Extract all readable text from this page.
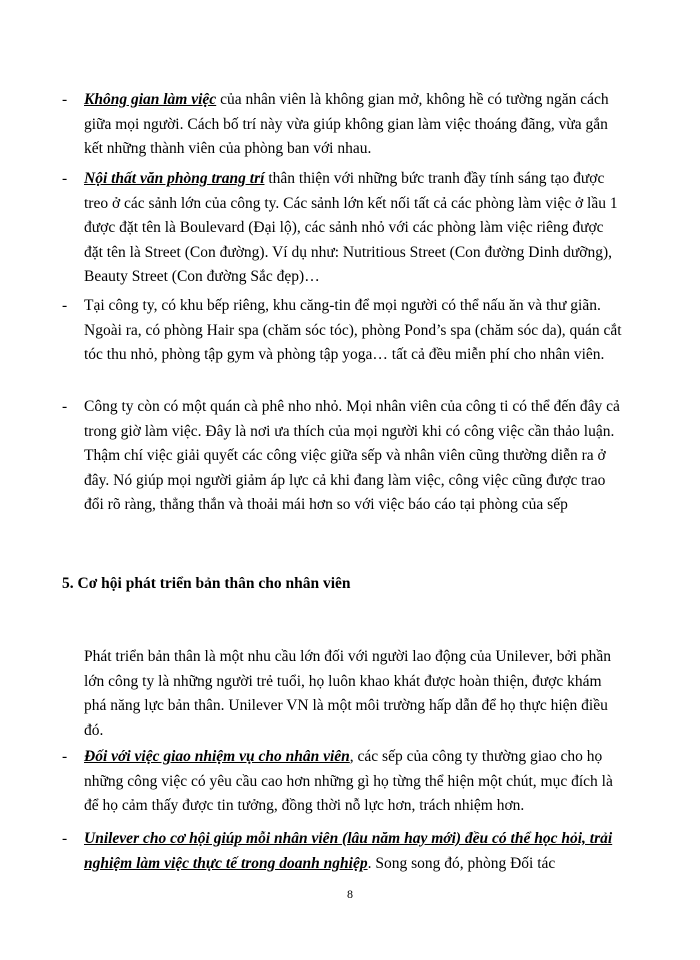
-	Không gian làm việc của nhân viên là không gian mở, không hề có tường ngăn cách giữa mọi người. Cách bố trí này vừa giúp không gian làm việc thoáng đãng, vừa gắn kết những thành viên của phòng ban với nhau.
-	Nội thất văn phòng trang trí thân thiện với những bức tranh đầy tính sáng tạo được treo ở các sảnh lớn của công ty. Các sảnh lớn kết nối tất cả các phòng làm việc ở lầu 1 được đặt tên là Boulevard (Đại lộ), các sảnh nhỏ với các phòng làm việc riêng được đặt tên là Street (Con đường). Ví dụ như: Nutritious Street (Con đường Dinh dưỡng), Beauty Street (Con đường Sắc đẹp)…
-	Tại công ty, có khu bếp riêng, khu căng-tin để mọi người có thể nấu ăn và thư giãn. Ngoài ra, có phòng Hair spa (chăm sóc tóc), phòng Pond’s spa (chăm sóc da), quán cắt tóc thu nhỏ, phòng tập gym và phòng tập yoga… tất cả đều miễn phí cho nhân viên.
-	Công ty còn có một quán cà phê nho nhỏ. Mọi nhân viên của công ti có thể đến đây cả trong giờ làm việc. Đây là nơi ưa thích của mọi người khi có công việc cần thảo luận. Thậm chí việc giải quyết các công việc giữa sếp và nhân viên cũng thường diễn ra ở đây. Nó giúp mọi người giảm áp lực cả khi đang làm việc, công việc cũng được trao đổi rõ ràng, thẳng thắn và thoải mái hơn so với việc báo cáo tại phòng của sếp
5. Cơ hội phát triển bản thân cho nhân viên
Phát triển bản thân là một nhu cầu lớn đối với người lao động của Unilever, bởi phần lớn công ty là những người trẻ tuổi, họ luôn khao khát được hoàn thiện, được khám phá năng lực bản thân. Unilever VN là một môi trường hấp dẫn để họ thực hiện điều đó.
-	Đối với việc giao nhiệm vụ cho nhân viên, các sếp của công ty thường giao cho họ những công việc có yêu cầu cao hơn những gì họ từng thể hiện một chút, mục đích là để họ cảm thấy được tin tưởng, đồng thời nỗ lực hơn, trách nhiệm hơn.
-	Unilever cho cơ hội giúp mỗi nhân viên (lâu năm hay mới) đều có thể học hỏi, trải nghiệm làm việc thực tế trong doanh nghiệp. Song song đó, phòng Đối tác
8
